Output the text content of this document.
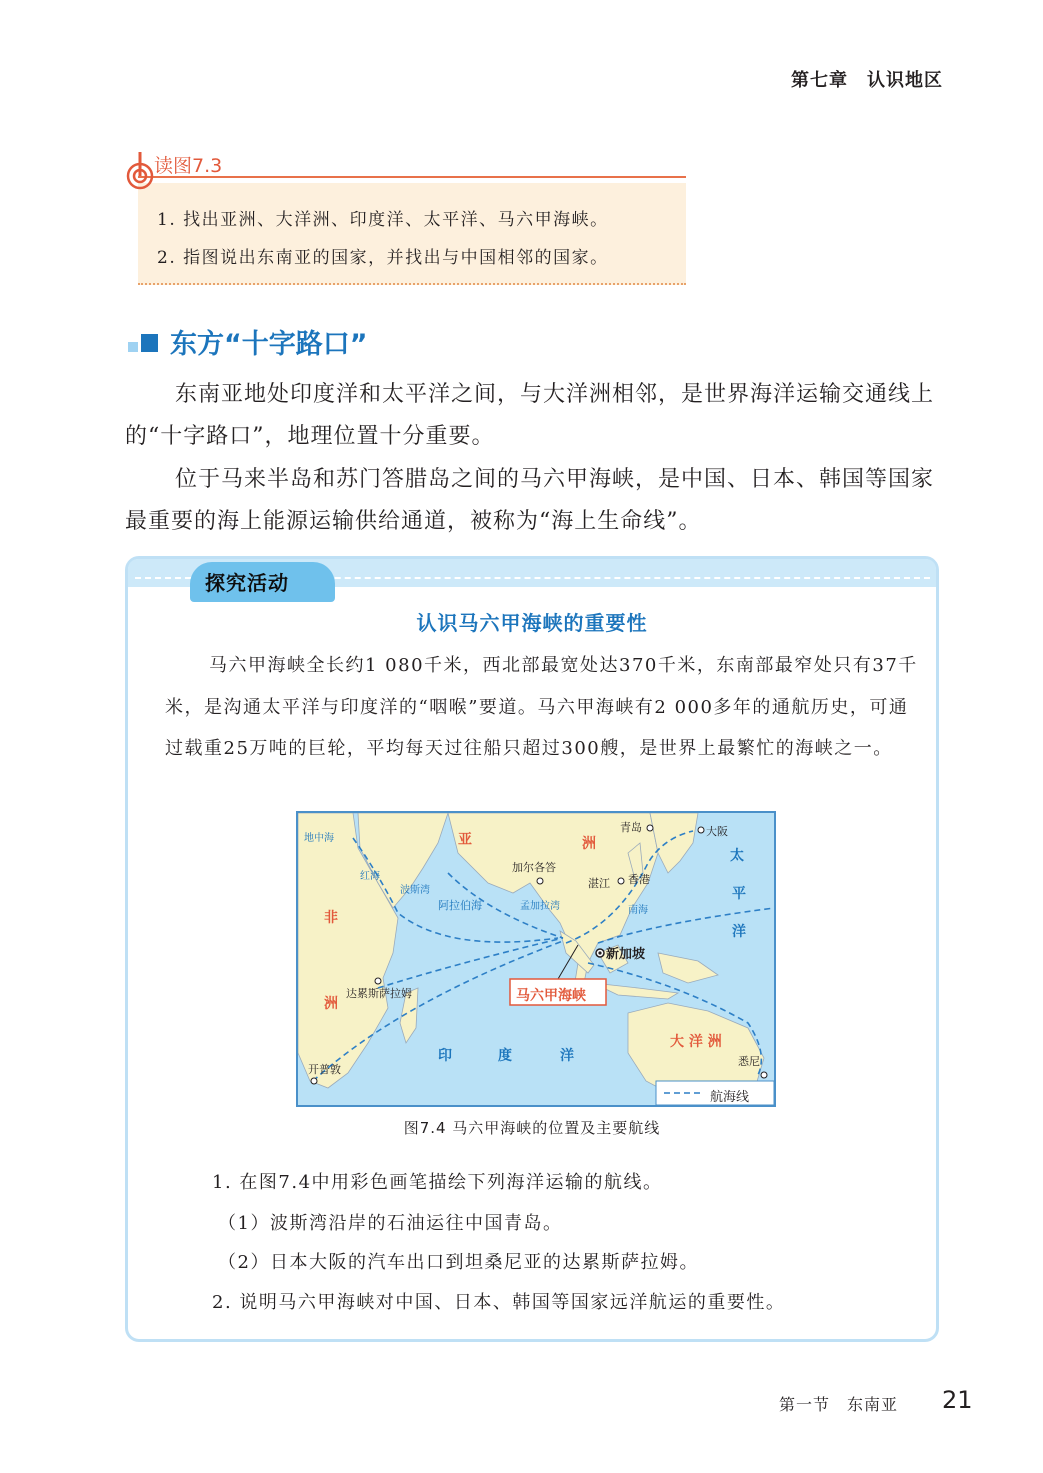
第七章　认识地区
读图7.3
1. 找出亚洲、大洋洲、印度洋、太平洋、马六甲海峡。
2. 指图说出东南亚的国家，并找出与中国相邻的国家。
东方“十字路口”
东南亚地处印度洋和太平洋之间，与大洋洲相邻，是世界海洋运输交通线上的“十字路口”，地理位置十分重要。
位于马来半岛和苏门答腊岛之间的马六甲海峡，是中国、日本、韩国等国家最重要的海上能源运输供给通道，被称为“海上生命线”。
探究活动
认识马六甲海峡的重要性
马六甲海峡全长约1 080千米，西北部最宽处达370千米，东南部最窄处只有37千米，是沟通太平洋与印度洋的“咽喉”要道。马六甲海峡有2 000多年的通航历史，可通过载重25万吨的巨轮，平均每天过往船只超过300艘，是世界上最繁忙的海峡之一。
亚	洲
非
洲
太
平
洋
大 洋 洲
印	度	洋
地中海
红海
波斯湾
阿拉伯海	孟加拉湾	南海
青岛	大阪
加尔各答
湛江 香港
新加坡
达累斯萨拉姆
开普敦
悉尼
马六甲海峡
航海线
图7.4 马六甲海峡的位置及主要航线
1. 在图7.4中用彩色画笔描绘下列海洋运输的航线。
（1）波斯湾沿岸的石油运往中国青岛。
（2）日本大阪的汽车出口到坦桑尼亚的达累斯萨拉姆。
2. 说明马六甲海峡对中国、日本、韩国等国家远洋航运的重要性。
第一节　东南亚 21
